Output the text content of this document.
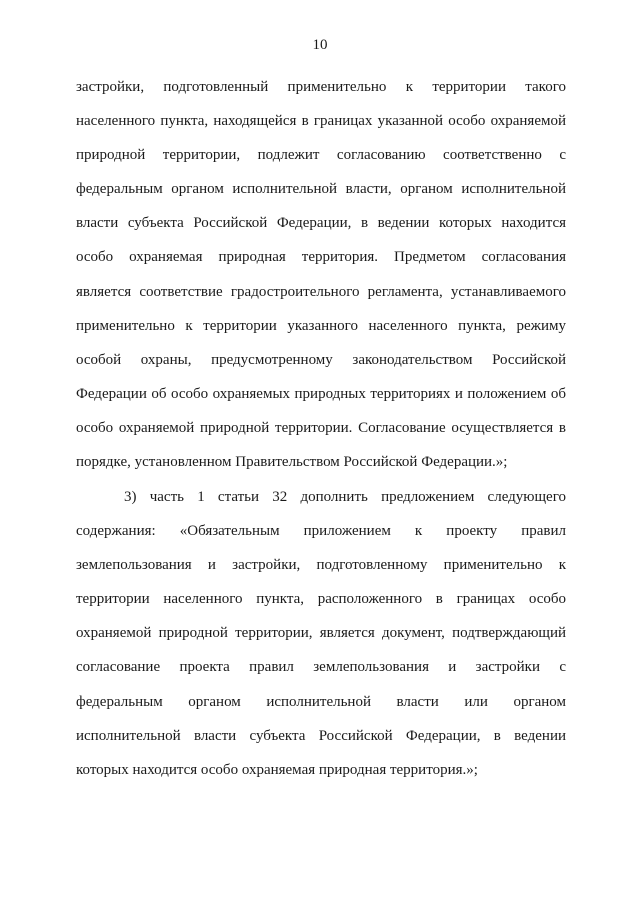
10
застройки, подготовленный применительно к территории такого
населенного пункта, находящейся в границах указанной особо охраняемой
природной территории, подлежит согласованию соответственно с
федеральным органом исполнительной власти, органом исполнительной
власти субъекта Российской Федерации, в ведении которых находится
особо охраняемая природная территория. Предметом согласования
является соответствие градостроительного регламента, устанавливаемого
применительно к территории указанного населенного пункта, режиму
особой охраны, предусмотренному законодательством Российской
Федерации об особо охраняемых природных территориях и положением об
особо охраняемой природной территории. Согласование осуществляется в
порядке, установленном Правительством Российской Федерации.»;
3) часть 1 статьи 32 дополнить предложением следующего
содержания: «Обязательным приложением к проекту правил
землепользования и застройки, подготовленному применительно к
территории населенного пункта, расположенного в границах особо
охраняемой природной территории, является документ, подтверждающий
согласование проекта правил землепользования и застройки с
федеральным органом исполнительной власти или органом
исполнительной власти субъекта Российской Федерации, в ведении
которых находится особо охраняемая природная территория.»;
